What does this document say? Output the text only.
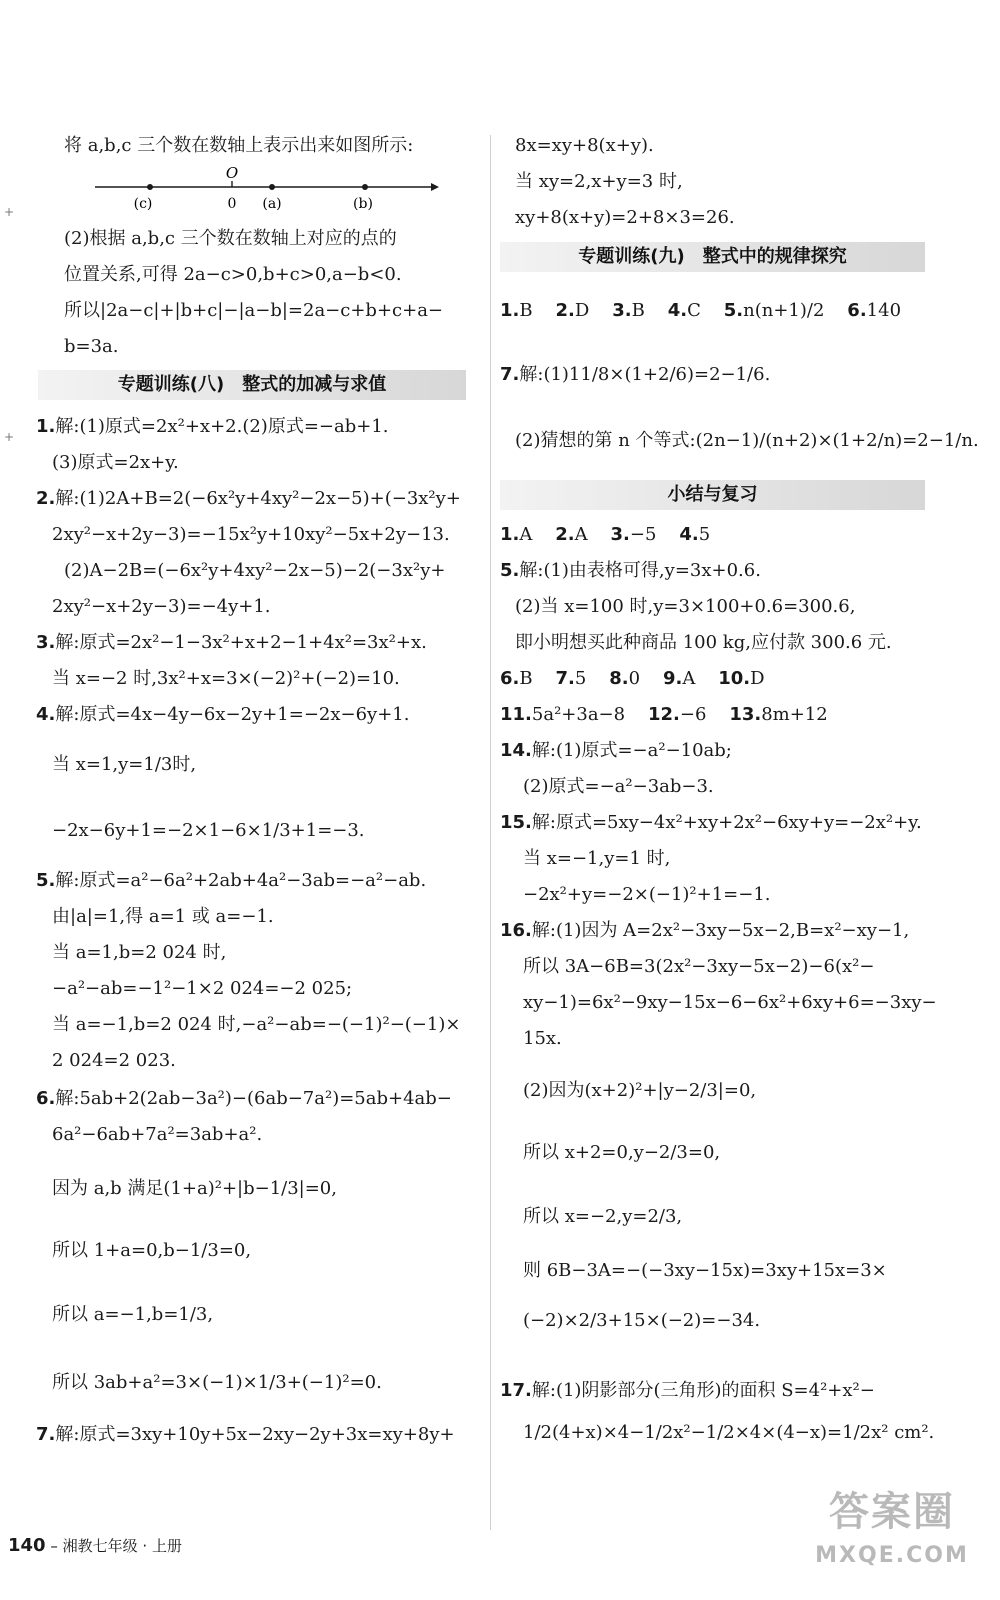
+
+
将 a,b,c 三个数在数轴上表示出来如图所示:
O
(c)	0 (a)	(b)
(2)根据 a,b,c 三个数在数轴上对应的点的
位置关系,可得 2a−c>0,b+c>0,a−b<0.
所以|2a−c|+|b+c|−|a−b|=2a−c+b+c+a−
b=3a.
专题训练(八)　整式的加减与求值
1.解:(1)原式=2x²+x+2.(2)原式=−ab+1.
(3)原式=2x+y.
2.解:(1)2A+B=2(−6x²y+4xy²−2x−5)+(−3x²y+
2xy²−x+2y−3)=−15x²y+10xy²−5x+2y−13.
(2)A−2B=(−6x²y+4xy²−2x−5)−2(−3x²y+
2xy²−x+2y−3)=−4y+1.
3.解:原式=2x²−1−3x²+x+2−1+4x²=3x²+x.
当 x=−2 时,3x²+x=3×(−2)²+(−2)=10.
4.解:原式=4x−4y−6x−2y+1=−2x−6y+1.
当 x=1,y=1/3时,
−2x−6y+1=−2×1−6×1/3+1=−3.
5.解:原式=a²−6a²+2ab+4a²−3ab=−a²−ab.
由|a|=1,得 a=1 或 a=−1.
当 a=1,b=2 024 时,
−a²−ab=−1²−1×2 024=−2 025;
当 a=−1,b=2 024 时,−a²−ab=−(−1)²−(−1)×
2 024=2 023.
6.解:5ab+2(2ab−3a²)−(6ab−7a²)=5ab+4ab−
6a²−6ab+7a²=3ab+a².
因为 a,b 满足(1+a)²+|b−1/3|=0,
所以 1+a=0,b−1/3=0,
所以 a=−1,b=1/3,
所以 3ab+a²=3×(−1)×1/3+(−1)²=0.
7.解:原式=3xy+10y+5x−2xy−2y+3x=xy+8y+
8x=xy+8(x+y).
当 xy=2,x+y=3 时,
xy+8(x+y)=2+8×3=26.
专题训练(九)　整式中的规律探究
1.B 2.D 3.B 4.C 5.n(n+1)/2 6.140
7.解:(1)11/8×(1+2/6)=2−1/6.
(2)猜想的第 n 个等式:(2n−1)/(n+2)×(1+2/n)=2−1/n.
小结与复习
1.A 2.A 3.−5 4.5
5.解:(1)由表格可得,y=3x+0.6.
(2)当 x=100 时,y=3×100+0.6=300.6,
即小明想买此种商品 100 kg,应付款 300.6 元.
6.B 7.5 8.0 9.A 10.D
11.5a²+3a−8 12.−6 13.8m+12
14.解:(1)原式=−a²−10ab;
(2)原式=−a²−3ab−3.
15.解:原式=5xy−4x²+xy+2x²−6xy+y=−2x²+y.
当 x=−1,y=1 时,
−2x²+y=−2×(−1)²+1=−1.
16.解:(1)因为 A=2x²−3xy−5x−2,B=x²−xy−1,
所以 3A−6B=3(2x²−3xy−5x−2)−6(x²−
xy−1)=6x²−9xy−15x−6−6x²+6xy+6=−3xy−
15x.
(2)因为(x+2)²+|y−2/3|=0,
所以 x+2=0,y−2/3=0,
所以 x=−2,y=2/3,
则 6B−3A=−(−3xy−15x)=3xy+15x=3×
(−2)×2/3+15×(−2)=−34.
17.解:(1)阴影部分(三角形)的面积 S=4²+x²−
1/2(4+x)×4−1/2x²−1/2×4×(4−x)=1/2x² cm².
140 – 湘教七年级 · 上册
答案圈
MXQE.COM
